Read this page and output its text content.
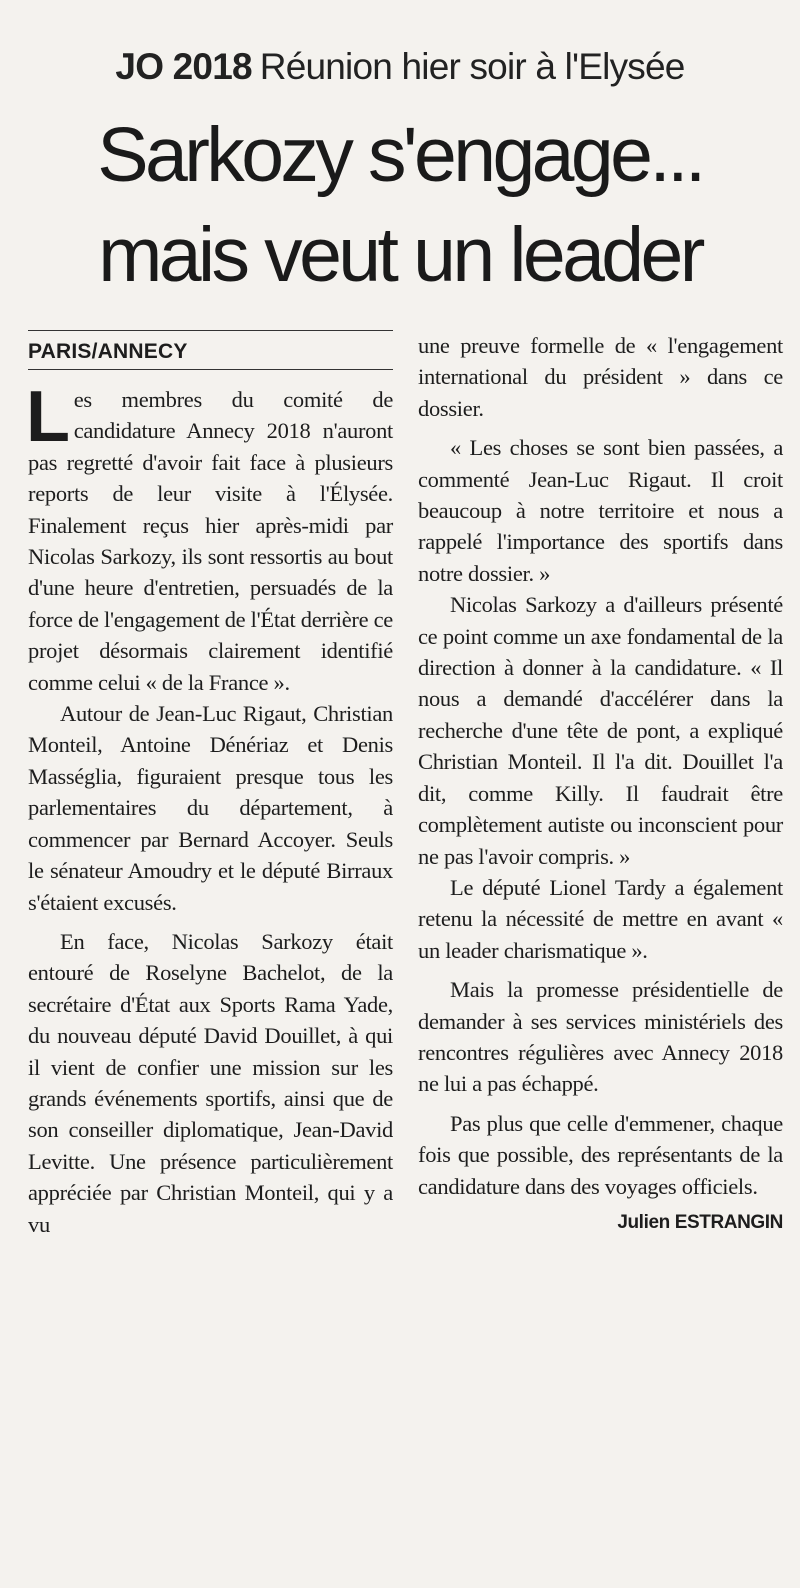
JO 2018 Réunion hier soir à l'Elysée
Sarkozy s'engage...
mais veut un leader
PARIS/ANNECY

Les membres du comité de candidature Annecy 2018 n'auront pas regretté d'avoir fait face à plusieurs reports de leur visite à l'Élysée. Finalement reçus hier après-midi par Nicolas Sarkozy, ils sont ressortis au bout d'une heure d'entretien, persuadés de la force de l'engagement de l'État derrière ce projet désormais clairement identifié comme celui « de la France ».

Autour de Jean-Luc Rigaut, Christian Monteil, Antoine Dénériaz et Denis Masséglia, figuraient presque tous les parlementaires du département, à commencer par Bernard Accoyer. Seuls le sénateur Amoudry et le député Birraux s'étaient excusés.

En face, Nicolas Sarkozy était entouré de Roselyne Bachelot, de la secrétaire d'État aux Sports Rama Yade, du nouveau député David Douillet, à qui il vient de confier une mission sur les grands événements sportifs, ainsi que de son conseiller diplomatique, Jean-David Levitte. Une présence particulièrement appréciée par Christian Monteil, qui y a vu

une preuve formelle de « l'engagement international du président » dans ce dossier.

« Les choses se sont bien passées, a commenté Jean-Luc Rigaut. Il croit beaucoup à notre territoire et nous a rappelé l'importance des sportifs dans notre dossier. »

Nicolas Sarkozy a d'ailleurs présenté ce point comme un axe fondamental de la direction à donner à la candidature. « Il nous a demandé d'accélérer dans la recherche d'une tête de pont, a expliqué Christian Monteil. Il l'a dit. Douillet l'a dit, comme Killy. Il faudrait être complètement autiste ou inconscient pour ne pas l'avoir compris. »

Le député Lionel Tardy a également retenu la nécessité de mettre en avant « un leader charismatique ».

Mais la promesse présidentielle de demander à ses services ministériels des rencontres régulières avec Annecy 2018 ne lui a pas échappé.

Pas plus que celle d'emmener, chaque fois que possible, des représentants de la candidature dans des voyages officiels.

Julien ESTRANGIN
